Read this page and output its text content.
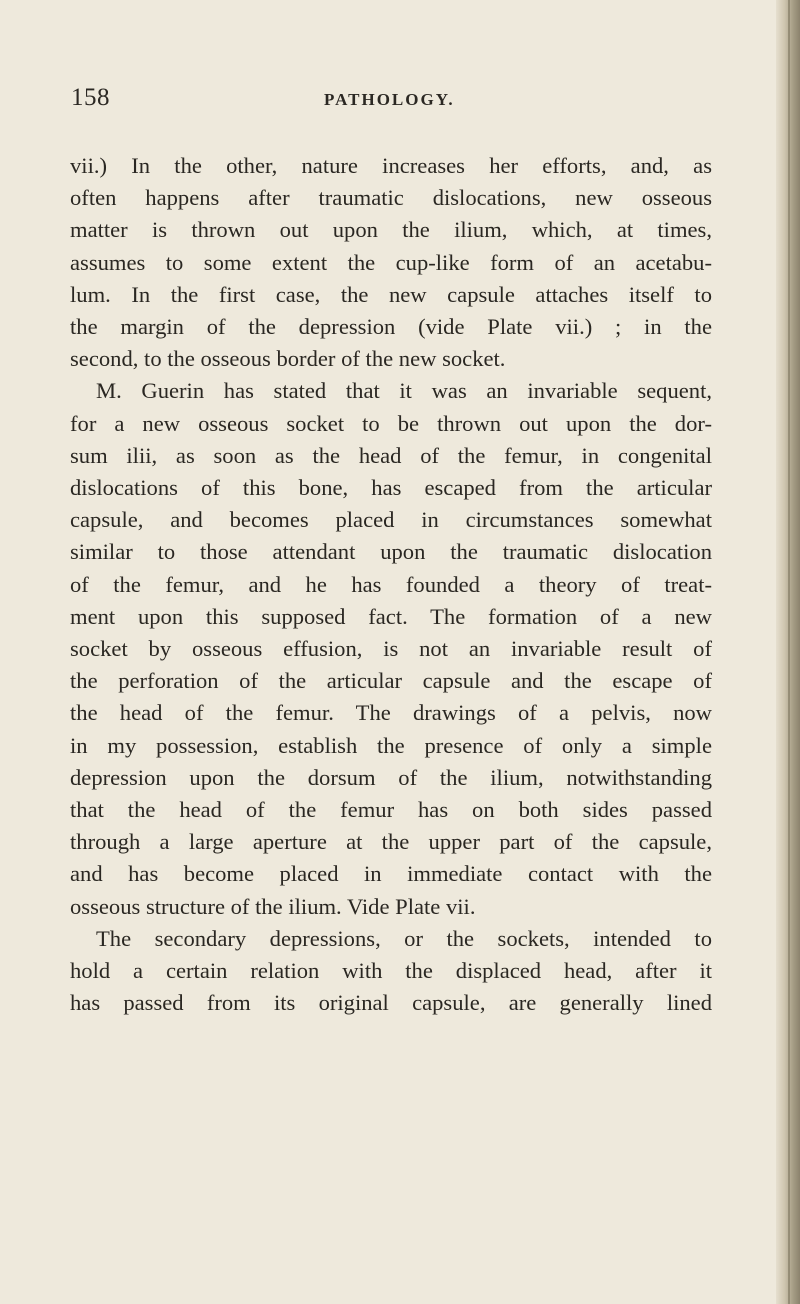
158	PATHOLOGY.
vii.) In the other, nature increases her efforts, and, as
often happens after traumatic dislocations, new osseous
matter is thrown out upon the ilium, which, at times,
assumes to some extent the cup-like form of an acetabu-
lum. In the first case, the new capsule attaches itself to
the margin of the depression (vide Plate vii.) ; in the
second, to the osseous border of the new socket.
M. Guerin has stated that it was an invariable sequent,
for a new osseous socket to be thrown out upon the dor-
sum ilii, as soon as the head of the femur, in congenital
dislocations of this bone, has escaped from the articular
capsule, and becomes placed in circumstances somewhat
similar to those attendant upon the traumatic dislocation
of the femur, and he has founded a theory of treat-
ment upon this supposed fact. The formation of a new
socket by osseous effusion, is not an invariable result of
the perforation of the articular capsule and the escape of
the head of the femur. The drawings of a pelvis, now
in my possession, establish the presence of only a simple
depression upon the dorsum of the ilium, notwithstanding
that the head of the femur has on both sides passed
through a large aperture at the upper part of the capsule,
and has become placed in immediate contact with the
osseous structure of the ilium. Vide Plate vii.
The secondary depressions, or the sockets, intended to
hold a certain relation with the displaced head, after it
has passed from its original capsule, are generally lined
